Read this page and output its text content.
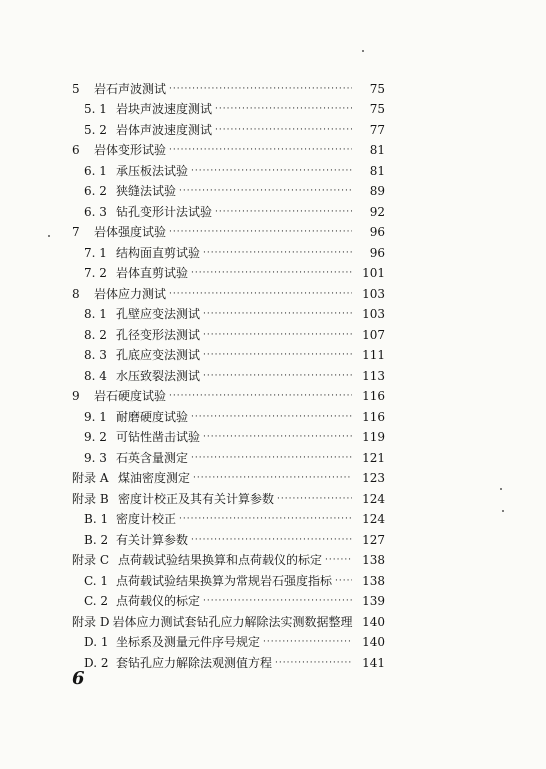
5	岩石声波测试 ·····	75
5. 1 岩块声波速度测试 ·····	75
5. 2 岩体声波速度测试 ·····	77
6	岩体变形试验 ·····	81
6. 1 承压板法试验 ·····	81
6. 2 狭缝法试验 ·····	89
6. 3 钻孔变形计法试验 ·····	92
7	岩体强度试验 ·····	96
7. 1 结构面直剪试验 ·····	96
7. 2 岩体直剪试验 ·····	101
8	岩体应力测试 ·····	103
8. 1 孔壁应变法测试 ·····	103
8. 2 孔径变形法测试 ·····	107
8. 3 孔底应变法测试 ·····	111
8. 4 水压致裂法测试 ·····	113
9	岩石硬度试验 ·····	116
9. 1 耐磨硬度试验 ·····	116
9. 2 可钻性凿击试验 ·····	119
9. 3 石英含量测定 ·····	121
附录 A 煤油密度测定 ·····	123
附录 B 密度计校正及其有关计算参数 ·····	124
B. 1 密度计校正 ·····	124
B. 2 有关计算参数 ·····	127
附录 C 点荷载试验结果换算和点荷载仪的标定 ·····	138
C. 1 点荷载试验结果换算为常规岩石强度指标 ·····	138
C. 2 点荷载仪的标定 ·····	139
附录 D 岩体应力测试套钻孔应力解除法实测数据整理 140
D. 1 坐标系及测量元件序号规定 ·····	140
D. 2 套钻孔应力解除法观测值方程 ·····	141
6
